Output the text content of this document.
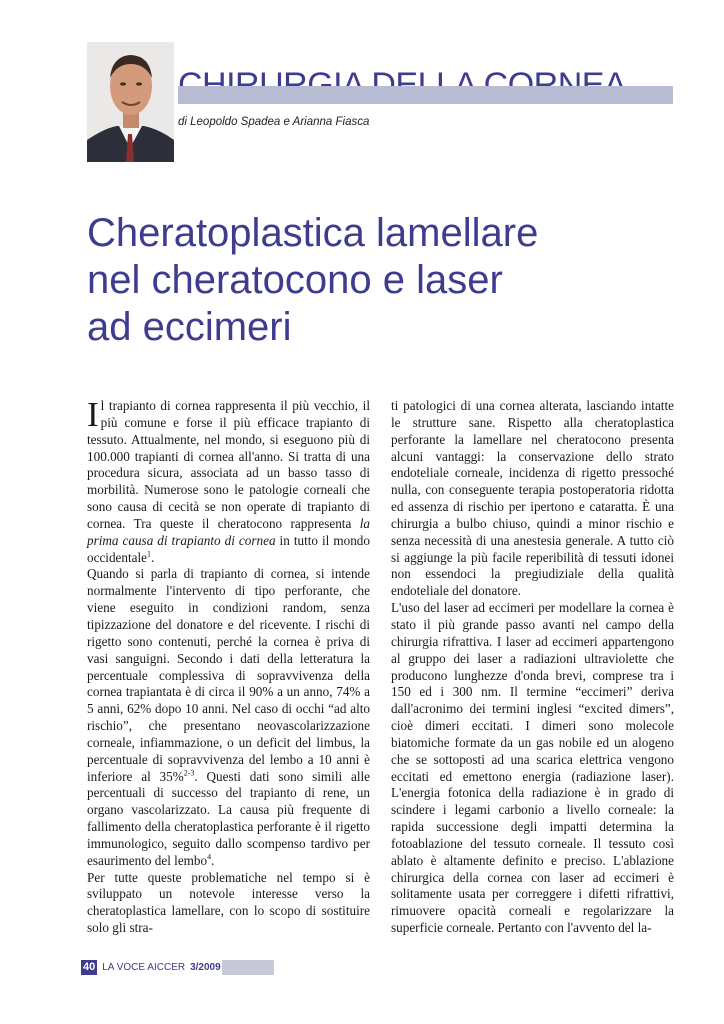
di Leopoldo Spadea e Arianna Fiasca
Cheratoplastica lamellare
nel cheratocono e laser
ad eccimeri

Il trapianto di cornea rappresenta il più vecchio, il più comune e forse il più efficace trapianto di tessuto. Attualmente, nel mondo, si eseguono più di 100.000 trapianti di cornea all'anno. Si tratta di una procedura sicura, associata ad un basso tasso di morbilità. Numerose sono le patologie corneali che sono causa di cecità se non operate di trapianto di cornea. Tra queste il cheratocono rappresenta la prima causa di trapianto di cornea in tutto il mondo occidentale$^1$.

Quando si parla di trapianto di cornea, si intende normalmente l'intervento di tipo perforante, che viene eseguito in condizioni random, senza tipizzazione del donatore e del ricevente. I rischi di rigetto sono contenuti, perché la cornea è priva di vasi sanguigni. Secondo i dati della letteratura la percentuale complessiva di sopravvivenza della cornea trapiantata è di circa il 90% a un anno, 74% a 5 anni, 62% dopo 10 anni. Nel caso di occhi “ad alto rischio”, che presentano neovascolarizzazione corneale, infiammazione, o un deficit del limbus, la percentuale di sopravvivenza del lembo a 10 anni è inferiore al 35%$^{2-3}$. Questi dati sono simili alle percentuali di successo del trapianto di rene, un organo vascolarizzato. La causa più frequente di fallimento della cheratoplastica perforante è il rigetto immunologico, seguito dallo scompenso tardivo per esaurimento del lembo$^4$.

Per tutte queste problematiche nel tempo si è sviluppato un notevole interesse verso la cheratoplastica lamellare, con lo scopo di sostituire solo gli stra-

ti patologici di una cornea alterata, lasciando intatte le strutture sane. Rispetto alla cheratoplastica perforante la lamellare nel cheratocono presenta alcuni vantaggi: la conservazione dello strato endoteliale corneale, incidenza di rigetto pressoché nulla, con conseguente terapia postoperatoria ridotta ed assenza di rischio per ipertono e cataratta. È una chirurgia a bulbo chiuso, quindi a minor rischio e senza necessità di una anestesia generale. A tutto ciò si aggiunge la più facile reperibilità di tessuti idonei non essendoci la pregiudiziale della qualità endoteliale del donatore.

L'uso del laser ad eccimeri per modellare la cornea è stato il più grande passo avanti nel campo della chirurgia rifrattiva. I laser ad eccimeri appartengono al gruppo dei laser a radiazioni ultraviolette che producono lunghezze d'onda brevi, comprese tra i 150 ed i 300 nm. Il termine “eccimeri” deriva dall'acronimo dei termini inglesi “excited dimers”, cioè dimeri eccitati. I dimeri sono molecole biatomiche formate da un gas nobile ed un alogeno che se sottoposti ad una scarica elettrica vengono eccitati ed emettono energia (radiazione laser). L'energia fotonica della radiazione è in grado di scindere i legami carbonio a livello corneale: la rapida successione degli impatti determina la fotoablazione del tessuto corneale. Il tessuto così ablato è altamente definito e preciso. L'ablazione chirurgica della cornea con laser ad eccimeri è solitamente usata per correggere i difetti rifrattivi, rimuovere opacità corneali e regolarizzare la superficie corneale. Pertanto con l'avvento del la-

40 LA VOCE AICCER 3/2009
